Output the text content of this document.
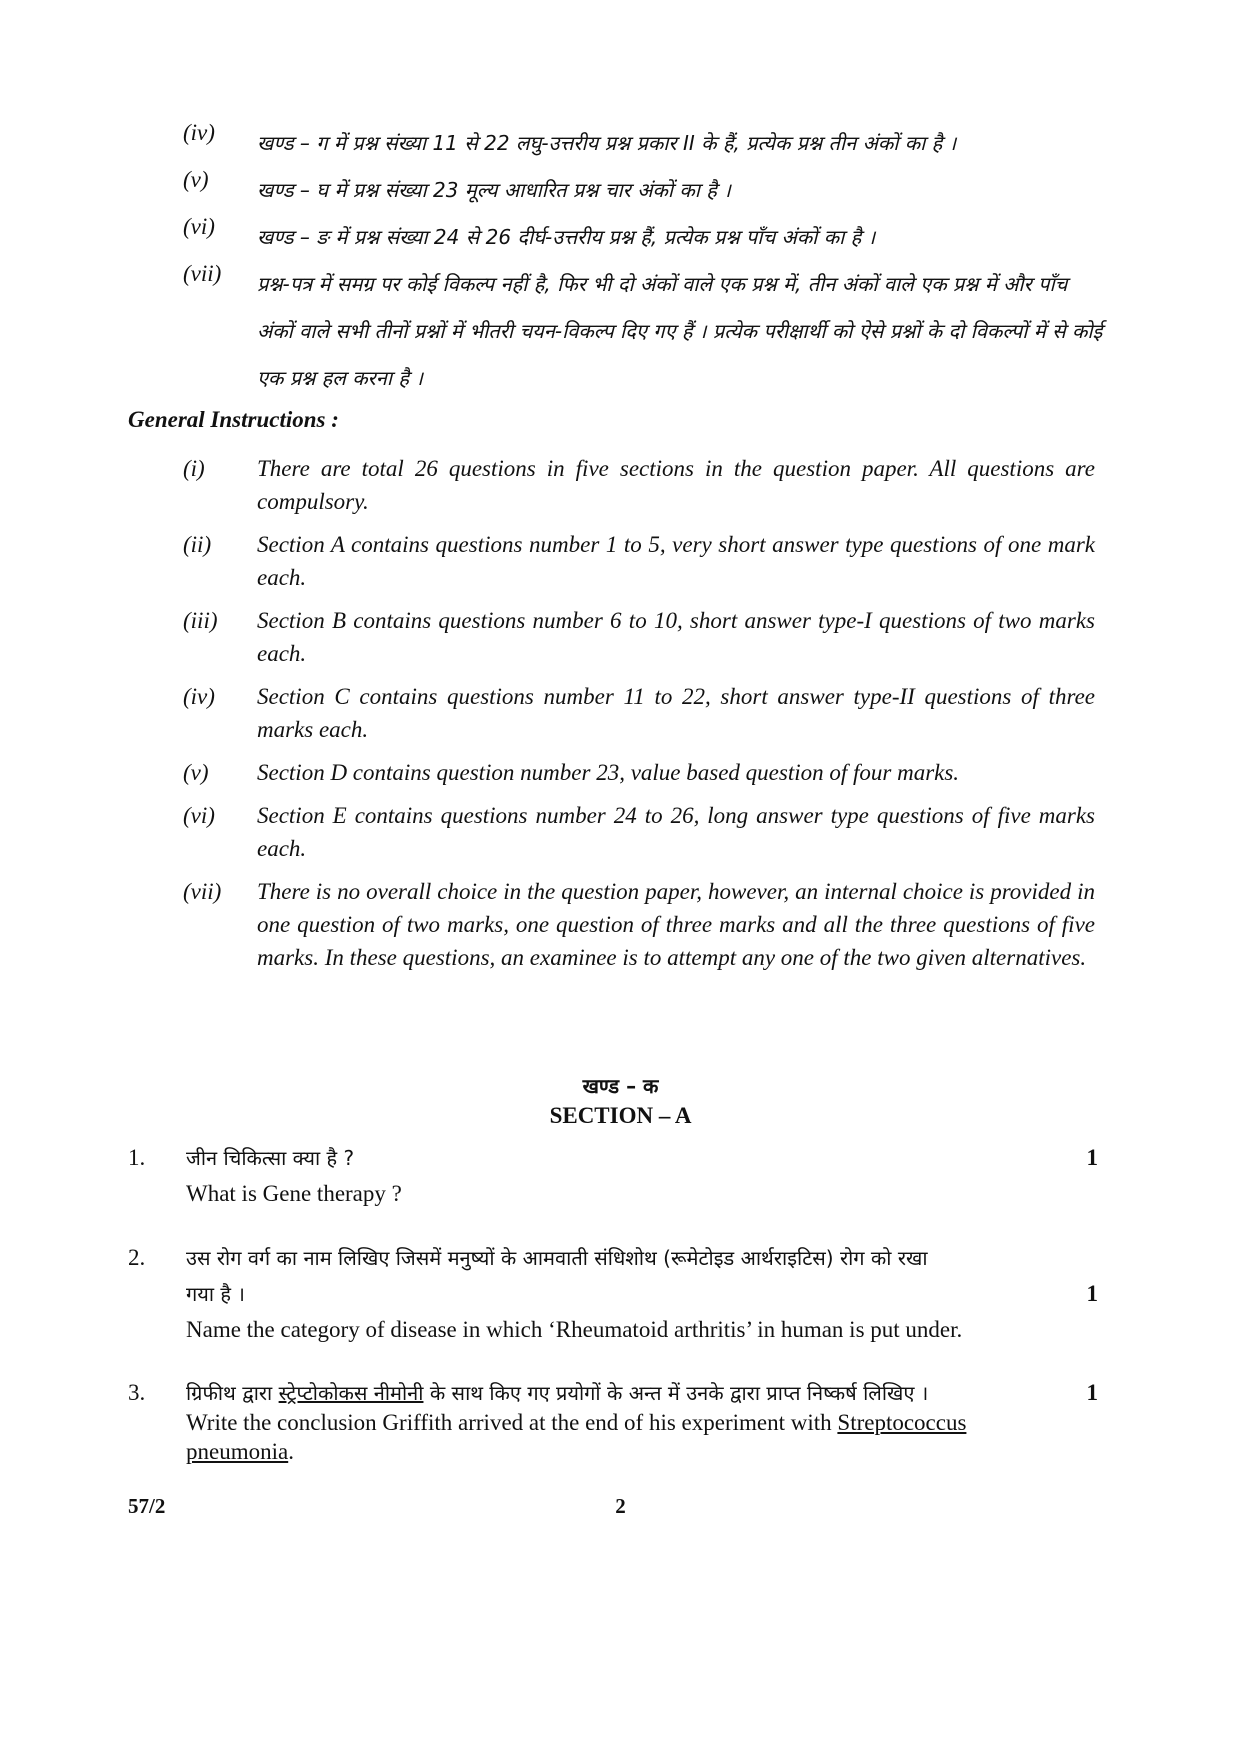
(iv)	खण्ड – ग में प्रश्न संख्या 11 से 22 लघु-उत्तरीय प्रश्न प्रकार II के हैं, प्रत्येक प्रश्न तीन अंकों का है ।
(v)	खण्ड – घ में प्रश्न संख्या 23 मूल्य आधारित प्रश्न चार अंकों का है ।
(vi)	खण्ड – ङ में प्रश्न संख्या 24 से 26 दीर्घ-उत्तरीय प्रश्न हैं, प्रत्येक प्रश्न पाँच अंकों का है ।
(vii)	प्रश्न-पत्र में समग्र पर कोई विकल्प नहीं है, फिर भी दो अंकों वाले एक प्रश्न में, तीन अंकों वाले एक प्रश्न में और पाँच अंकों वाले सभी तीनों प्रश्नों में भीतरी चयन-विकल्प दिए गए हैं । प्रत्येक परीक्षार्थी को ऐसे प्रश्नों के दो विकल्पों में से कोई एक प्रश्न हल करना है ।
General Instructions :
(i)	There are total 26 questions in five sections in the question paper. All questions are compulsory.
(ii)	Section A contains questions number 1 to 5, very short answer type questions of one mark each.
(iii)	Section B contains questions number 6 to 10, short answer type-I questions of two marks each.
(iv)	Section C contains questions number 11 to 22, short answer type-II questions of three marks each.
(v)	Section D contains question number 23, value based question of four marks.
(vi)	Section E contains questions number 24 to 26, long answer type questions of five marks each.
(vii)	There is no overall choice in the question paper, however, an internal choice is provided in one question of two marks, one question of three marks and all the three questions of five marks. In these questions, an examinee is to attempt any one of the two given alternatives.
खण्ड – क
SECTION – A
1.	जीन चिकित्सा क्या है ?
What is Gene therapy ?
1
2.	उस रोग वर्ग का नाम लिखिए जिसमें मनुष्यों के आमवाती संधिशोथ (रूमेटोइड आर्थराइटिस) रोग को रखा
गया है ।
Name the category of disease in which ‘Rheumatoid arthritis’ in human is put under.
1
3.	ग्रिफीथ द्वारा स्ट्रेप्टोकोकस नीमोनी के साथ किए गए प्रयोगों के अन्त में उनके द्वारा प्राप्त निष्कर्ष लिखिए ।
Write the conclusion Griffith arrived at the end of his experiment with Streptococcus
pneumonia.
1
57/2	2
